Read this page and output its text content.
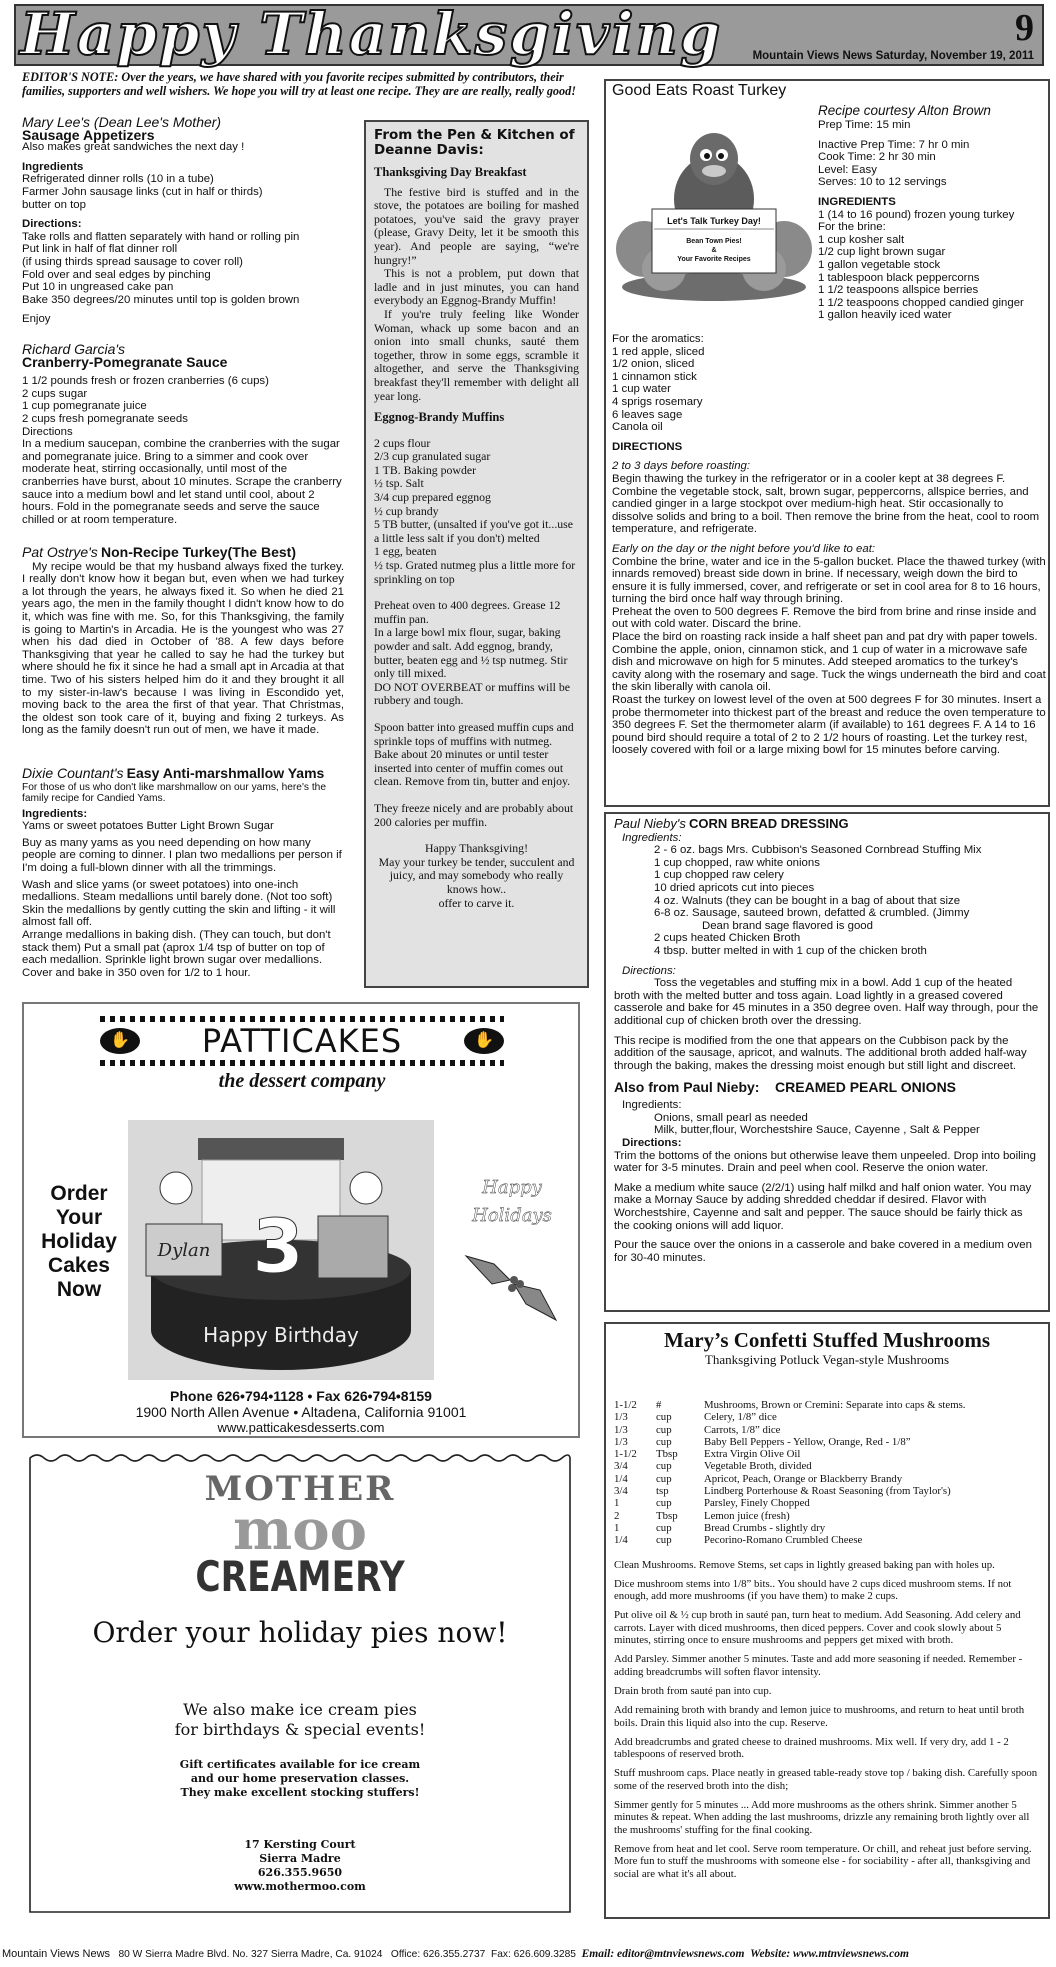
Happy Thanksgiving	9
Mountain Views News Saturday, November 19, 2011
EDITOR'S NOTE: Over the years, we have shared with you favorite recipes submitted by contributors, their families, supporters and well wishers. We hope you will try at least one recipe. They are are really, really good!
Mary Lee's (Dean Lee's Mother)
Sausage Appetizers
Also makes great sandwiches the next day !
Ingredients
Refrigerated dinner rolls (10 in a tube)
Farmer John sausage links (cut in half or thirds)
butter on top
Directions:
Take rolls and flatten separately with hand or rolling pin
Put link in half of flat dinner roll
(if using thirds spread sausage to cover roll)
Fold over and seal edges by pinching
Put 10 in ungreased cake pan
Bake 350 degrees/20 minutes until top is golden brown
Enjoy
Richard Garcia's
Cranberry-Pomegranate Sauce
1 1/2 pounds fresh or frozen cranberries (6 cups)
2 cups sugar
1 cup pomegranate juice
2 cups fresh pomegranate seeds
Directions
In a medium saucepan, combine the cranberries with the sugar and pomegranate juice. Bring to a simmer and cook over moderate heat, stirring occasionally, until most of the cranberries have burst, about 10 minutes. Scrape the cranberry sauce into a medium bowl and let stand until cool, about 2 hours. Fold in the pomegranate seeds and serve the sauce chilled or at room temperature.
Pat Ostrye's Non-Recipe Turkey(The Best)
My recipe would be that my husband always fixed the turkey. I really don't know how it began but, even when we had turkey a lot through the years, he always fixed it. So when he died 21 years ago, the men in the family thought I didn't know how to do it, which was fine with me. So, for this Thanksgiving, the family is going to Martin's in Arcadia. He is the youngest who was 27 when his dad died in October of '88. A few days before Thanksgiving that year he called to say he had the turkey but where should he fix it since he had a small apt in Arcadia at that time. Two of his sisters helped him do it and they brought it all to my sister-in-law's because I was living in Escondido yet, moving back to the area the first of that year. That Christmas, the oldest son took care of it, buying and fixing 2 turkeys. As long as the family doesn't run out of men, we have it made.
Dixie Countant's Easy Anti-marshmallow Yams
For those of us who don't like marshmallow on our yams, here's the family recipe for Candied Yams.
Ingredients:
Yams or sweet potatoes Butter Light Brown Sugar
Buy as many yams as you need depending on how many people are coming to dinner. I plan two medallions per person if I'm doing a full-blown dinner with all the trimmings.
Wash and slice yams (or sweet potatoes) into one-inch medallions. Steam medallions until barely done. (Not too soft) Skin the medallions by gently cutting the skin and lifting - it will almost fall off.
Arrange medallions in baking dish. (They can touch, but don't stack them) Put a small pat (aprox 1/4 tsp of butter on top of each medallion. Sprinkle light brown sugar over medallions. Cover and bake in 350 oven for 1/2 to 1 hour.
From the Pen & Kitchen of Deanne Davis:
Thanksgiving Day Breakfast

The festive bird is stuffed and in the stove, the potatoes are boiling for mashed potatoes, you've said the gravy prayer (please, Gravy Deity, let it be smooth this year). And people are saying, “we're hungry!”

This is not a problem, put down that ladle and in just minutes, you can hand everybody an Eggnog-Brandy Muffin!

If you're truly feeling like Wonder Woman, whack up some bacon and an onion into small chunks, sauté them together, throw in some eggs, scramble it altogether, and serve the Thanksgiving breakfast they'll remember with delight all year long.

Eggnog-Brandy Muffins

2 cups flour

2/3 cup granulated sugar

1 TB. Baking powder

½ tsp. Salt

3/4 cup prepared eggnog

½ cup brandy

5 TB butter, (unsalted if you've got it...use a little less salt if you don't) melted

1 egg, beaten

½ tsp. Grated nutmeg plus a little more for sprinkling on top

Preheat oven to 400 degrees. Grease 12 muffin pan.

In a large bowl mix flour, sugar, baking powder and salt. Add eggnog, brandy, butter, beaten egg and ½ tsp nutmeg. Stir only till mixed.

DO NOT OVERBEAT or muffins will be rubbery and tough.

Spoon batter into greased muffin cups and sprinkle tops of muffins with nutmeg. Bake about 20 minutes or until tester inserted into center of muffin comes out clean. Remove from tin, butter and enjoy.

They freeze nicely and are probably about 200 calories per muffin.

Happy Thanksgiving!

May your turkey be tender, succulent and juicy, and may somebody who really knows how..

offer to carve it.

Good Eats Roast Turkey
Let's Talk Turkey Day!
Bean Town Pies!
&
Your Favorite Recipes
Recipe courtesy Alton Brown
Prep Time: 15 min
Inactive Prep Time: 7 hr 0 min
Cook Time: 2 hr 30 min
Level: Easy
Serves: 10 to 12 servings
INGREDIENTS
1 (14 to 16 pound) frozen young turkey
For the brine:
1 cup kosher salt
1/2 cup light brown sugar
1 gallon vegetable stock
1 tablespoon black peppercorns
1 1/2 teaspoons allspice berries
1 1/2 teaspoons chopped candied ginger
1 gallon heavily iced water
For the aromatics:
1 red apple, sliced
1/2 onion, sliced
1 cinnamon stick
1 cup water
4 sprigs rosemary
6 leaves sage
Canola oil
DIRECTIONS
2 to 3 days before roasting:
Begin thawing the turkey in the refrigerator or in a cooler kept at 38 degrees F.
Combine the vegetable stock, salt, brown sugar, peppercorns, allspice berries, and candied ginger in a large stockpot over medium-high heat. Stir occasionally to dissolve solids and bring to a boil. Then remove the brine from the heat, cool to room temperature, and refrigerate.
Early on the day or the night before you'd like to eat:
Combine the brine, water and ice in the 5-gallon bucket. Place the thawed turkey (with innards removed) breast side down in brine. If necessary, weigh down the bird to ensure it is fully immersed, cover, and refrigerate or set in cool area for 8 to 16 hours, turning the bird once half way through brining.
Preheat the oven to 500 degrees F. Remove the bird from brine and rinse inside and out with cold water. Discard the brine.
Place the bird on roasting rack inside a half sheet pan and pat dry with paper towels.
Combine the apple, onion, cinnamon stick, and 1 cup of water in a microwave safe dish and microwave on high for 5 minutes. Add steeped aromatics to the turkey's cavity along with the rosemary and sage. Tuck the wings underneath the bird and coat the skin liberally with canola oil.
Roast the turkey on lowest level of the oven at 500 degrees F for 30 minutes. Insert a probe thermometer into thickest part of the breast and reduce the oven temperature to 350 degrees F. Set the thermometer alarm (if available) to 161 degrees F. A 14 to 16 pound bird should require a total of 2 to 2 1/2 hours of roasting. Let the turkey rest, loosely covered with foil or a large mixing bowl for 15 minutes before carving.
Paul Nieby's CORN BREAD DRESSING
Ingredients:
2 - 6 oz. bags Mrs. Cubbison's Seasoned Cornbread Stuffing Mix
1 cup chopped, raw white onions
1 cup chopped raw celery
10 dried apricots cut into pieces
4 oz. Walnuts (they can be bought in a bag of about that size
6-8 oz. Sausage, sauteed brown, defatted & crumbled. (Jimmy
Dean brand sage flavored is good
2 cups heated Chicken Broth
4 tbsp. butter melted in with 1 cup of the chicken broth
Directions:
Toss the vegetables and stuffing mix in a bowl. Add 1 cup of the heated broth with the melted butter and toss again. Load lightly in a greased covered casserole and bake for 45 minutes in a 350 degree oven. Half way through, pour the additional cup of chicken broth over the dressing.
This recipe is modified from the one that appears on the Cubbison pack by the addition of the sausage, apricot, and walnuts. The additional broth added half-way through the baking, makes the dressing moist enough but still light and discreet.
Also from Paul Nieby: CREAMED PEARL ONIONS
Ingredients:
Onions, small pearl as needed
Milk, butter,flour, Worchestshire Sauce, Cayenne , Salt & Pepper
Directions:
Trim the bottoms of the onions but otherwise leave them unpeeled. Drop into boiling water for 3-5 minutes. Drain and peel when cool. Reserve the onion water.
Make a medium white sauce (2/2/1) using half milkd and half onion water. You may make a Mornay Sauce by adding shredded cheddar if desired. Flavor with Worchestshire, Cayenne and salt and pepper. The sauce should be fairly thick as the cooking onions will add liquor.
Pour the sauce over the onions in a casserole and bake covered in a medium oven for 30-40 minutes.
Mary’s Confetti Stuffed Mushrooms
Thanksgiving Potluck Vegan-style Mushrooms
1-1/2	#	Mushrooms, Brown or Cremini: Separate into caps & stems.
1/3	cup	Celery, 1/8” dice
1/3	cup	Carrots, 1/8” dice
1/3	cup	Baby Bell Peppers - Yellow, Orange, Red - 1/8”
1-1/2	Tbsp	Extra Virgin Olive Oil
3/4	cup	Vegetable Broth, divided
1/4	cup	Apricot, Peach, Orange or Blackberry Brandy
3/4	tsp	Lindberg Porterhouse & Roast Seasoning (from Taylor's)
1	cup	Parsley, Finely Chopped
2	Tbsp	Lemon juice (fresh)
1	cup	Bread Crumbs - slightly dry
1/4	cup	Pecorino-Romano Crumbled Cheese

Clean Mushrooms. Remove Stems, set caps in lightly greased baking pan with holes up.

Dice mushroom stems into 1/8” bits.. You should have 2 cups diced mushroom stems. If not enough, add more mushrooms (if you have them) to make 2 cups.

Put olive oil & ½ cup broth in sauté pan, turn heat to medium. Add Seasoning. Add celery and carrots. Layer with diced mushrooms, then diced peppers. Cover and cook slowly about 5 minutes, stirring once to ensure mushrooms and peppers get mixed with broth.

Add Parsley. Simmer another 5 minutes. Taste and add more seasoning if needed. Remember - adding breadcrumbs will soften flavor intensity.

Drain broth from sauté pan into cup.

Add remaining broth with brandy and lemon juice to mushrooms, and return to heat until broth boils. Drain this liquid also into the cup. Reserve.

Add breadcrumbs and grated cheese to drained mushrooms. Mix well. If very dry, add 1 - 2 tablespoons of reserved broth.

Stuff mushroom caps. Place neatly in greased table-ready stove top / baking dish. Carefully spoon some of the reserved broth into the dish;

Simmer gently for 5 minutes ... Add more mushrooms as the others shrink. Simmer another 5 minutes & repeat. When adding the last mushrooms, drizzle any remaining broth lightly over all the mushrooms' stuffing for the final cooking.

Remove from heat and let cool. Serve room temperature. Or chill, and reheat just before serving. More fun to stuff the mushrooms with someone else - for sociability - after all, thanksgiving and social are what it's all about.

✋	PATTICAKES	✋
the dessert company
Order
Your
Holiday
Cakes
Now
Dylan 3
Happy Birthday
Happy
Holidays
Phone 626•794•1128 • Fax 626•794•8159
1900 North Allen Avenue • Altadena, California 91001
www.patticakesdesserts.com
MOTHER
moo
CREAMERY
Order your holiday pies now!
We also make ice cream pies
for birthdays & special events!
Gift certificates available for ice cream
and our home preservation classes.
They make excellent stocking stuffers!
17 Kersting Court
Sierra Madre
626.355.9650
www.mothermoo.com
Mountain Views News 80 W Sierra Madre Blvd. No. 327 Sierra Madre, Ca. 91024 Office: 626.355.2737 Fax: 626.609.3285 Email: editor@mtnviewsnews.com Website: www.mtnviewsnews.com
